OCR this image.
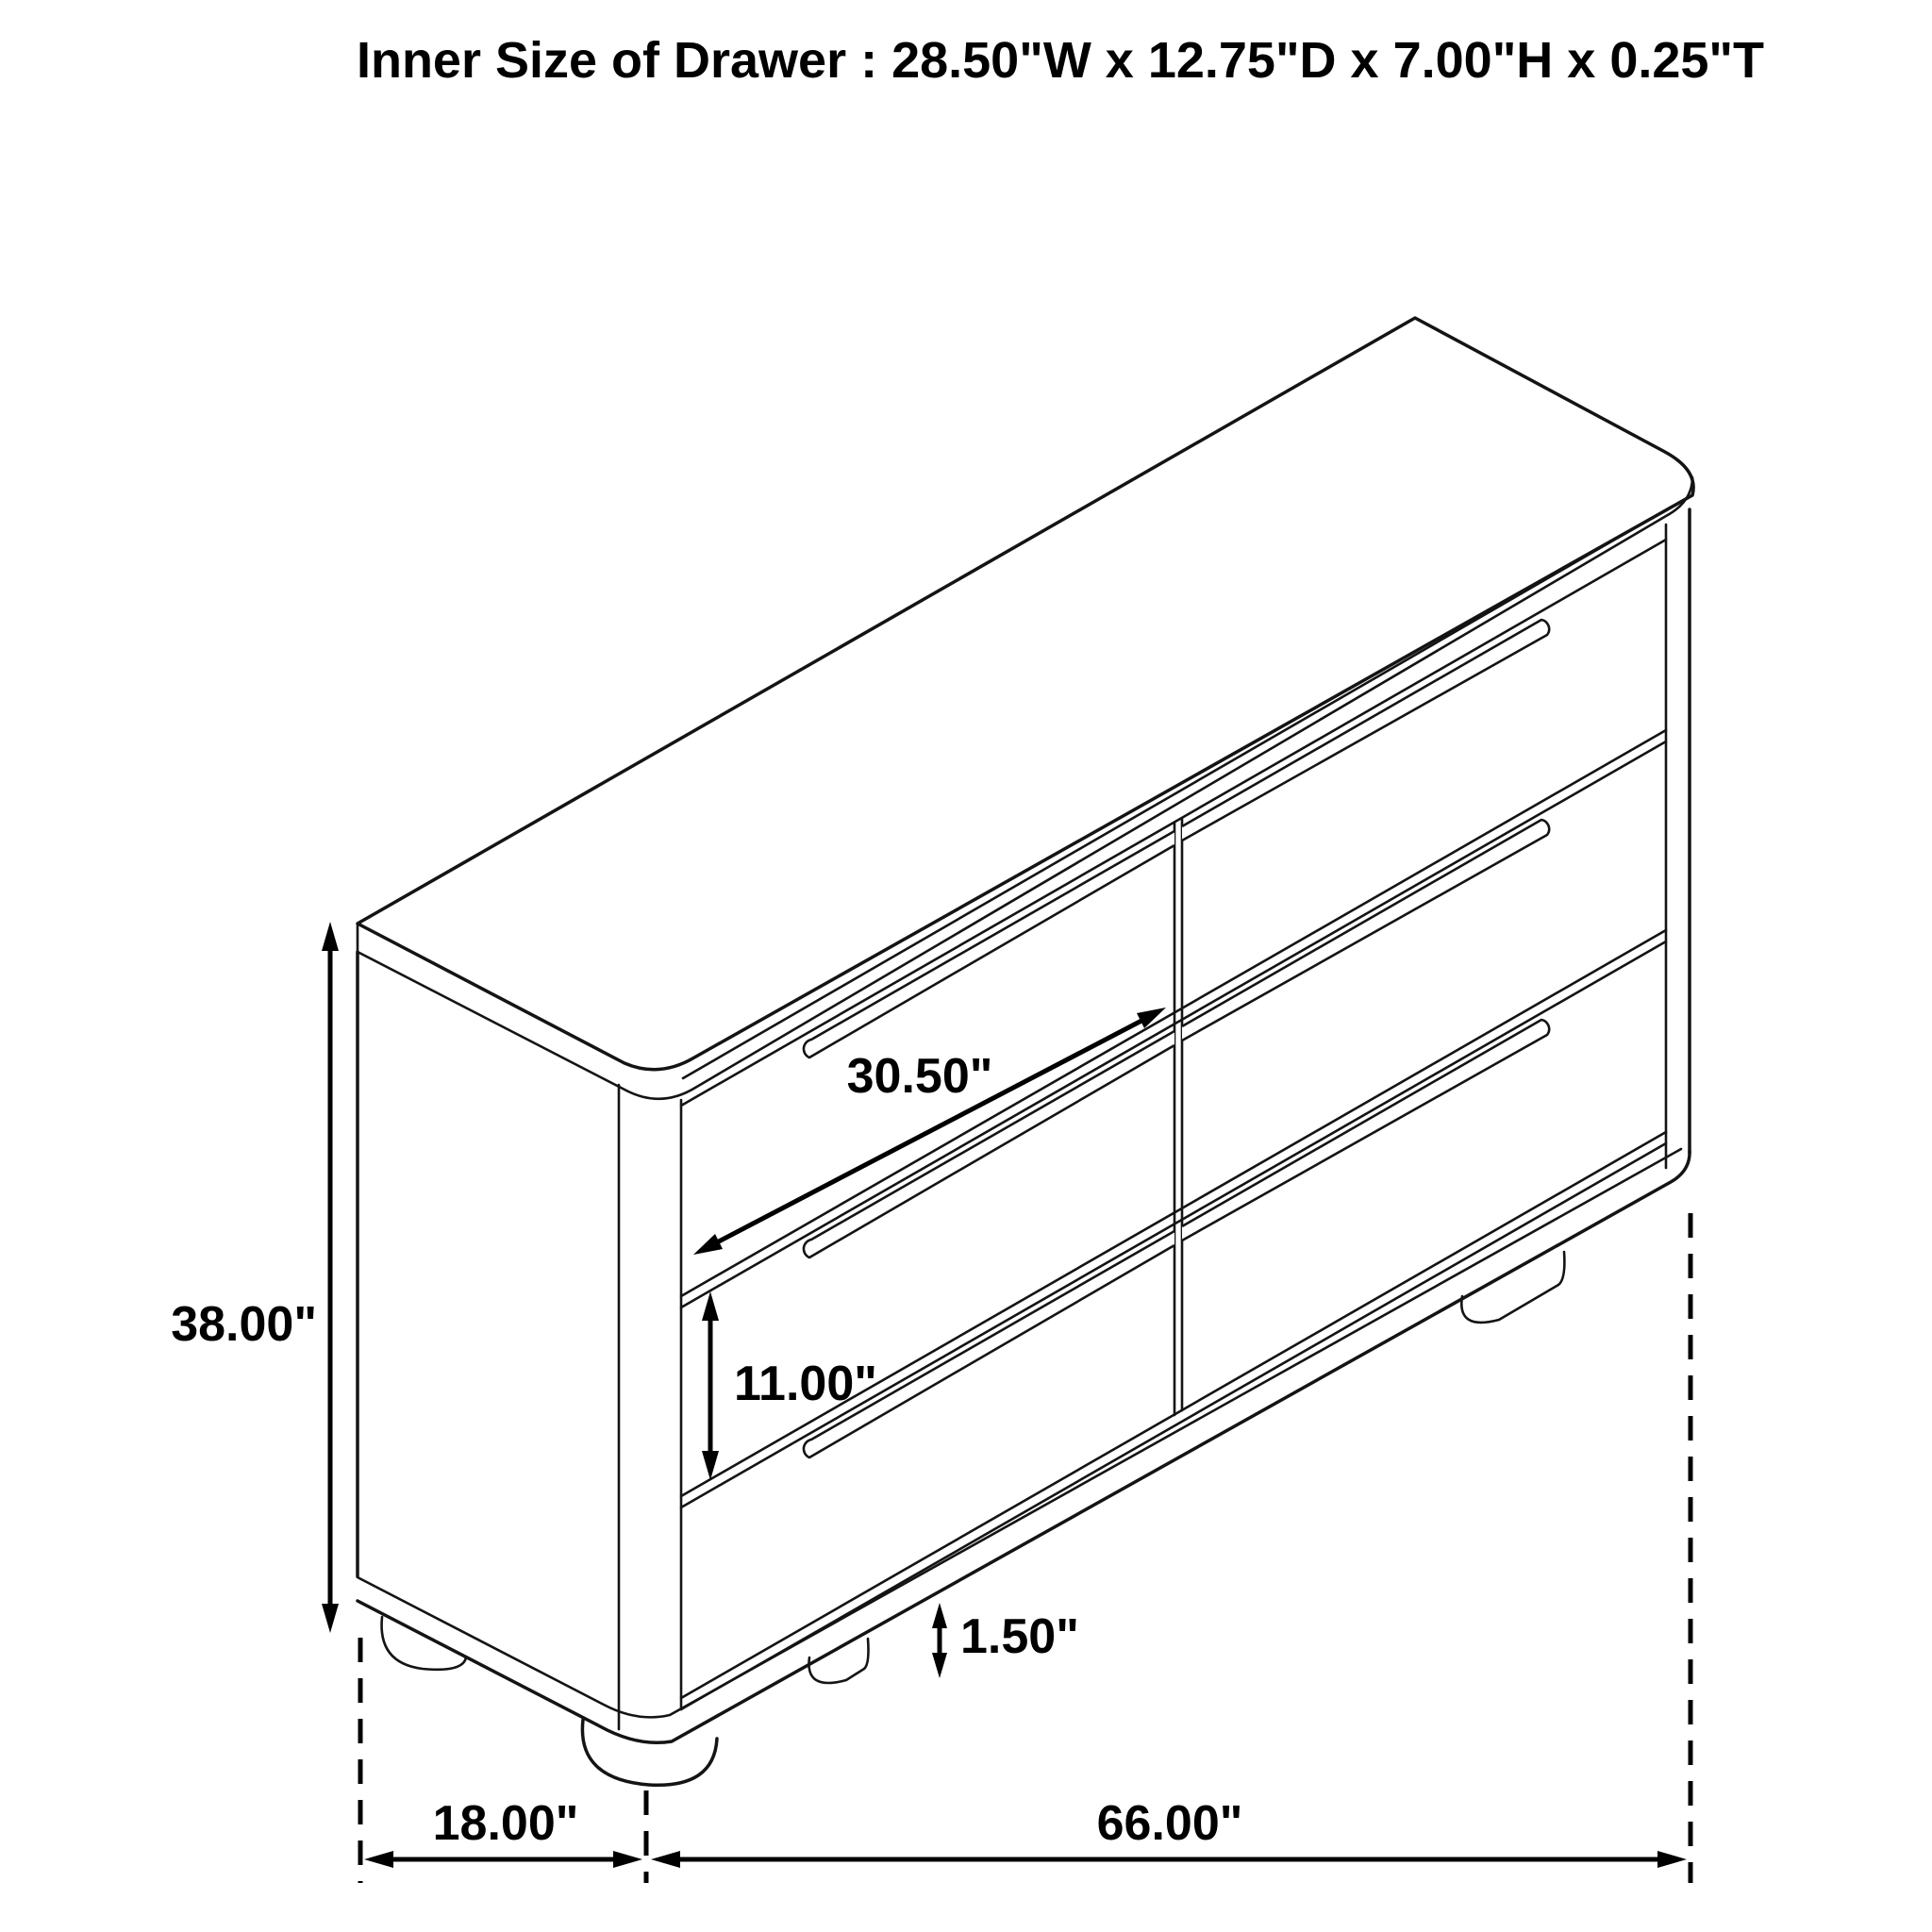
38.00"
30.50"
11.00"
1.50"
18.00"	66.00"
Inner Size of Drawer : 28.50"W x 12.75"D x 7.00"H x 0.25"T
